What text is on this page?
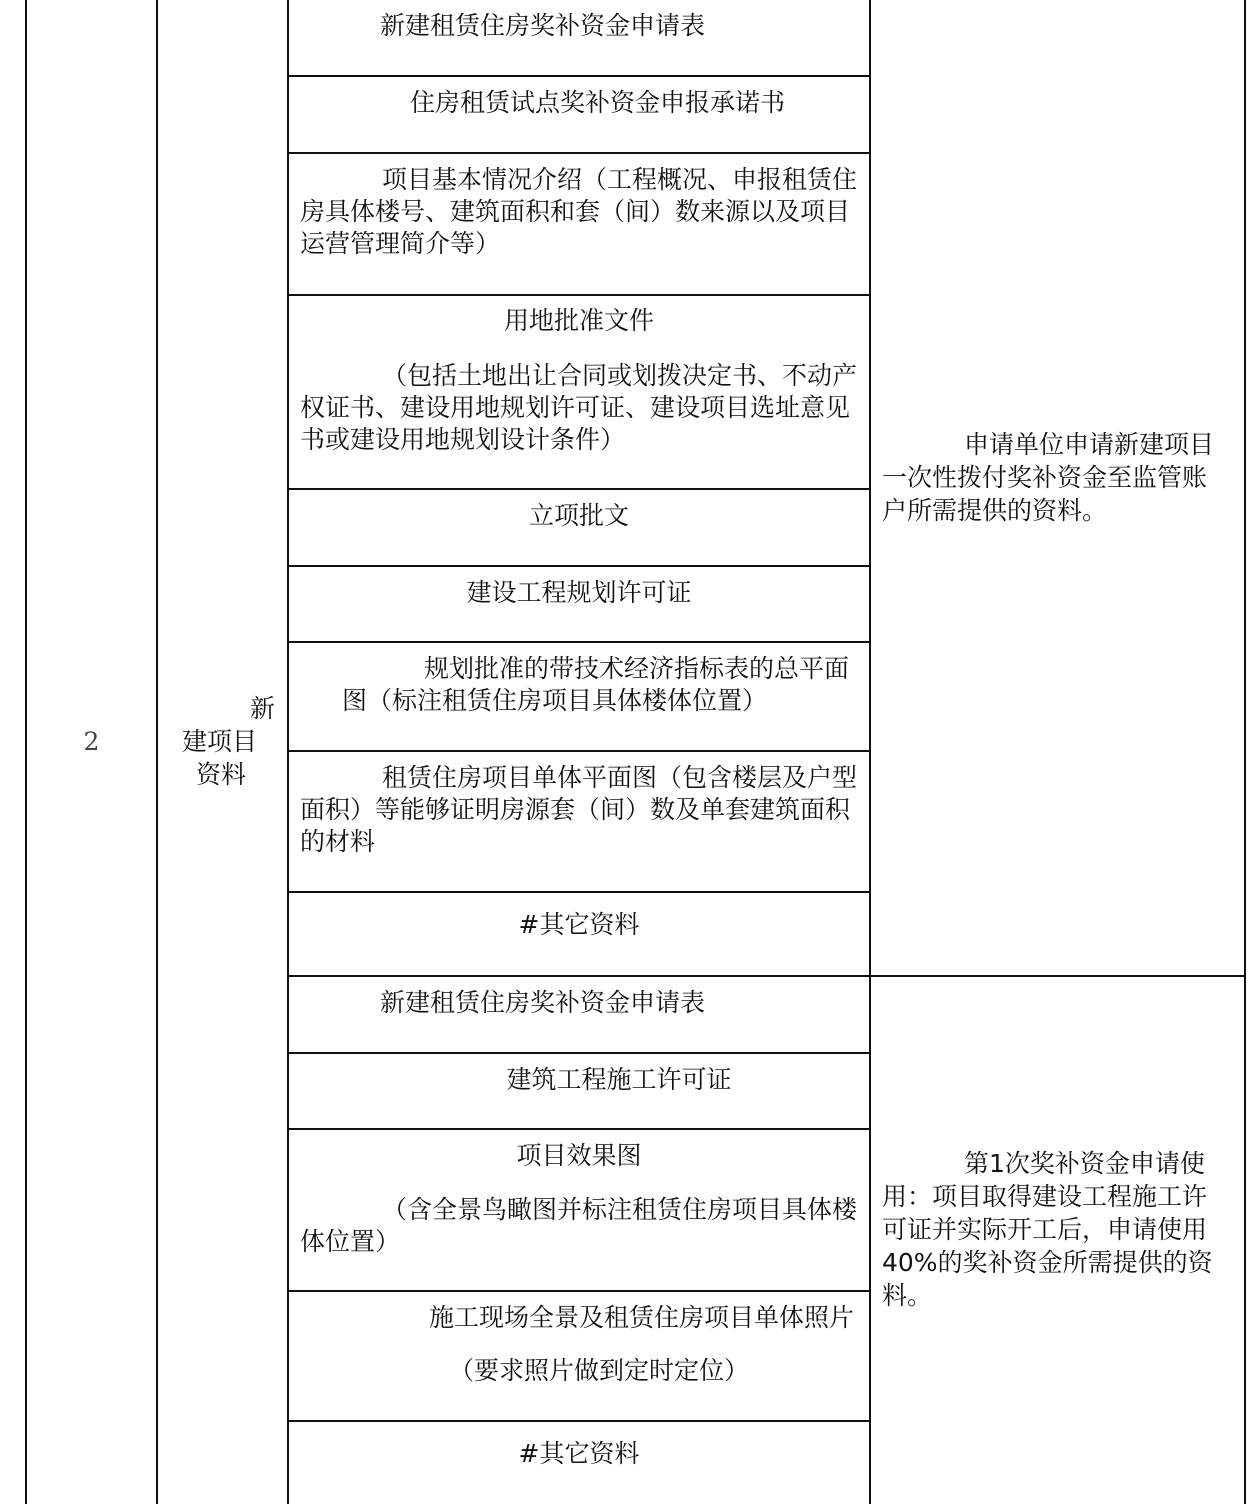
2
新
建项目
资料
新建租赁住房奖补资金申请表
住房租赁试点奖补资金申报承诺书
项目基本情况介绍（工程概况、申报租赁住房具体楼号、建筑面积和套（间）数来源以及项目运营管理简介等）
用地批准文件
（包括土地出让合同或划拨决定书、不动产权证书、建设用地规划许可证、建设项目选址意见书或建设用地规划设计条件）
立项批文
建设工程规划许可证
规划批准的带技术经济指标表的总平面图（标注租赁住房项目具体楼体位置）
租赁住房项目单体平面图（包含楼层及户型面积）等能够证明房源套（间）数及单套建筑面积的材料
#其它资料
申请单位申请新建项目一次性拨付奖补资金至监管账户所需提供的资料。
新建租赁住房奖补资金申请表
建筑工程施工许可证
项目效果图
（含全景鸟瞰图并标注租赁住房项目具体楼体位置）
施工现场全景及租赁住房项目单体照片
（要求照片做到定时定位）
#其它资料
第1次奖补资金申请使用：项目取得建设工程施工许可证并实际开工后，申请使用40%的奖补资金所需提供的资料。
